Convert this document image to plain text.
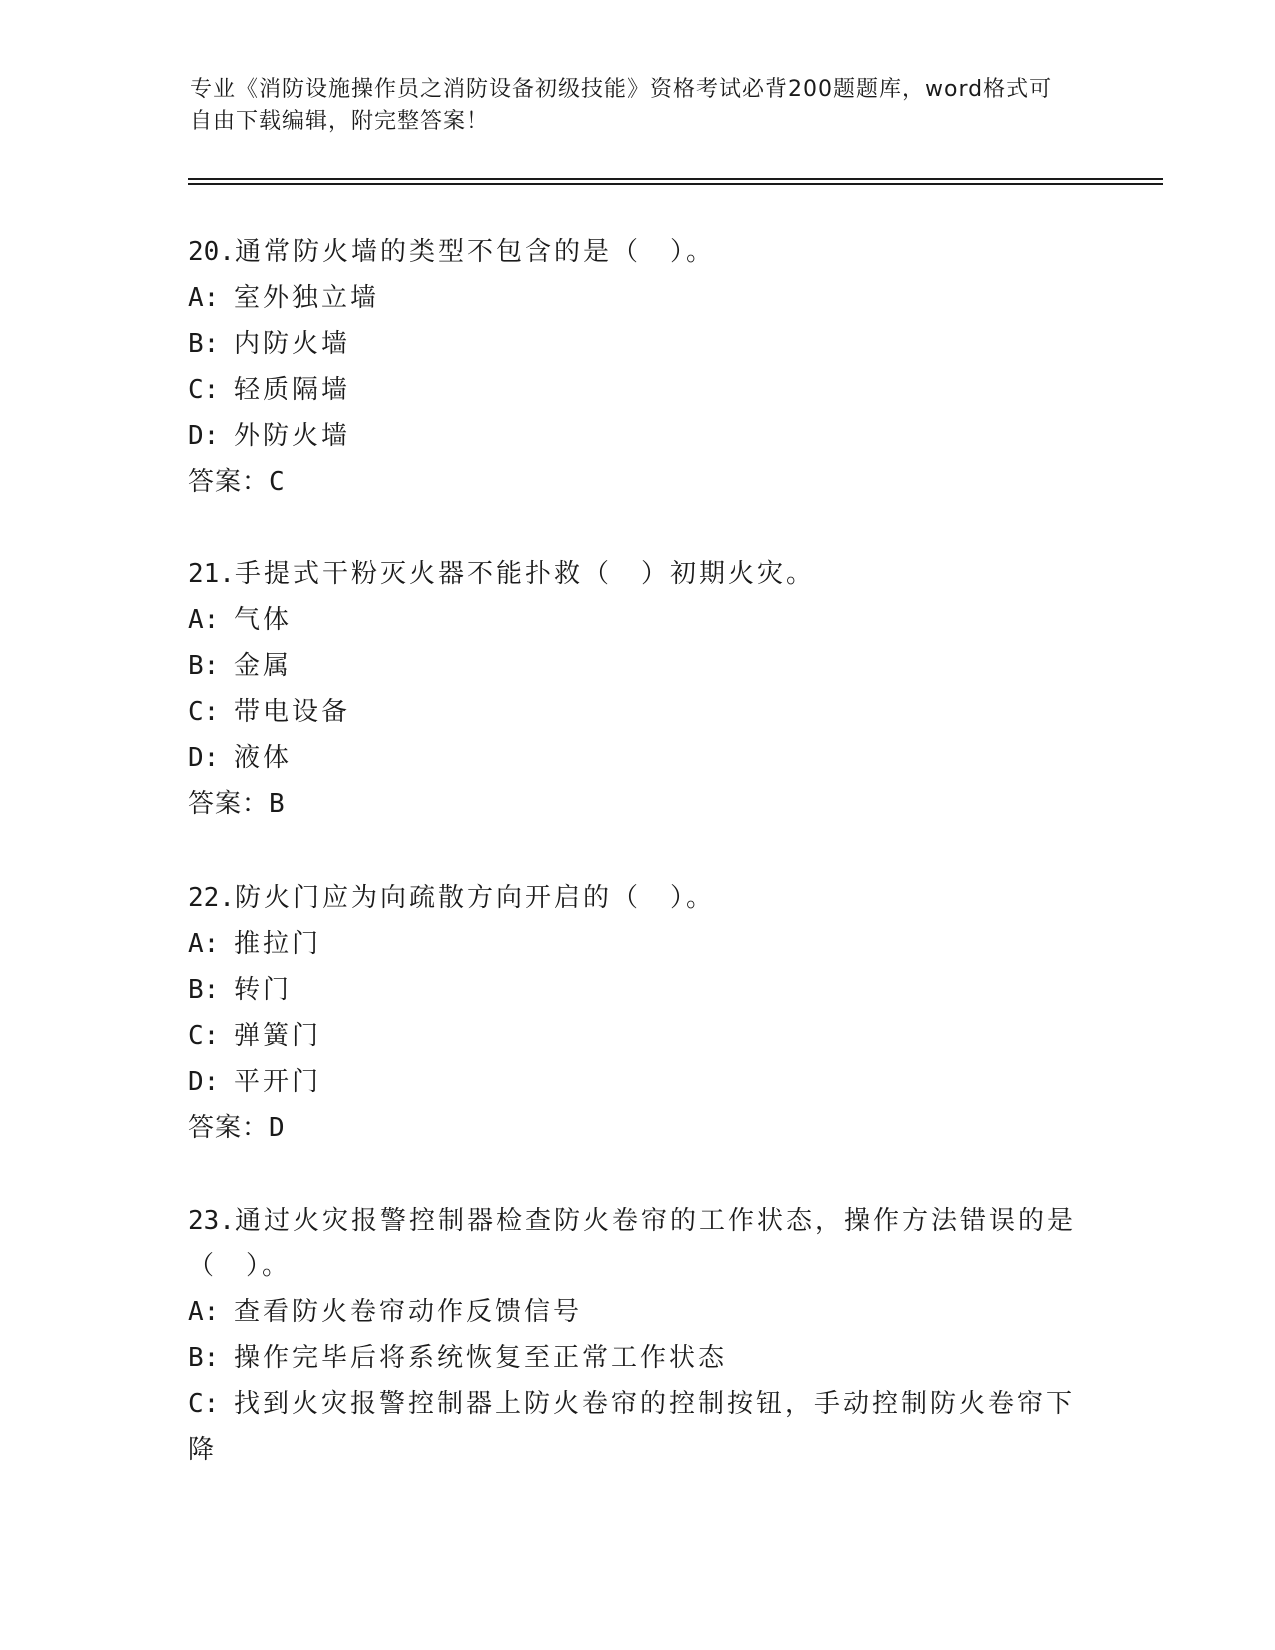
专业《消防设施操作员之消防设备初级技能》资格考试必背200题题库，word格式可自由下载编辑，附完整答案！
20.通常防火墙的类型不包含的是（　）。
A: 室外独立墙
B: 内防火墙
C: 轻质隔墙
D: 外防火墙
答案：C
21.手提式干粉灭火器不能扑救（　）初期火灾。
A: 气体
B: 金属
C: 带电设备
D: 液体
答案：B
22.防火门应为向疏散方向开启的（　）。
A: 推拉门
B: 转门
C: 弹簧门
D: 平开门
答案：D
23.通过火灾报警控制器检查防火卷帘的工作状态，操作方法错误的是（　）。
A: 查看防火卷帘动作反馈信号
B: 操作完毕后将系统恢复至正常工作状态
C: 找到火灾报警控制器上防火卷帘的控制按钮，手动控制防火卷帘下降
